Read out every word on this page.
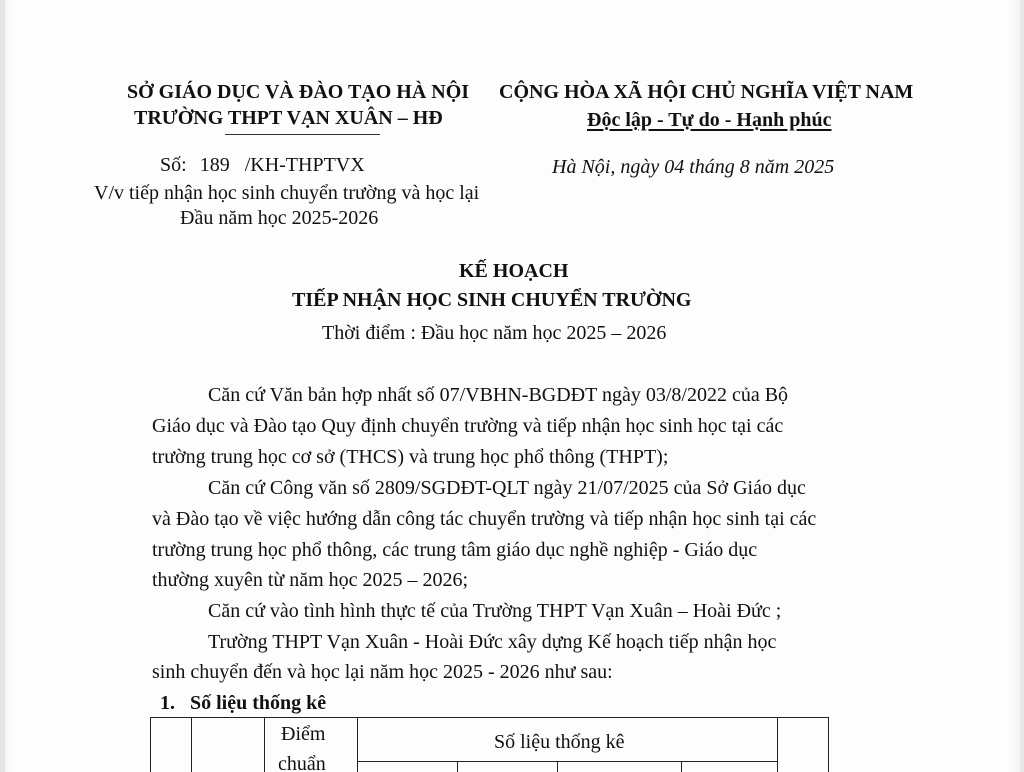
SỞ GIÁO DỤC VÀ ĐÀO TẠO HÀ NỘI
TRƯỜNG THPT VẠN XUÂN – HĐ
Số: 189 /KH-THPTVX
V/v tiếp nhận học sinh chuyển trường và học lại
Đầu năm học 2025-2026
CỘNG HÒA XÃ HỘI CHỦ NGHĨA VIỆT NAM
Độc lập - Tự do - Hạnh phúc
Hà Nội, ngày 04 tháng 8 năm 2025
KẾ HOẠCH
TIẾP NHẬN HỌC SINH CHUYỂN TRƯỜNG
Thời điểm : Đầu học năm học 2025 – 2026
Căn cứ Văn bản hợp nhất số 07/VBHN-BGDĐT ngày 03/8/2022 của Bộ
Giáo dục và Đào tạo Quy định chuyển trường và tiếp nhận học sinh học tại các
trường trung học cơ sở (THCS) và trung học phổ thông (THPT);
Căn cứ Công văn số 2809/SGDĐT-QLT ngày 21/07/2025 của Sở Giáo dục
và Đào tạo về việc hướng dẫn công tác chuyển trường và tiếp nhận học sinh tại các
trường trung học phổ thông, các trung tâm giáo dục nghề nghiệp - Giáo dục
thường xuyên từ năm học 2025 – 2026;
Căn cứ vào tình hình thực tế của Trường THPT Vạn Xuân – Hoài Đức ;
Trường THPT Vạn Xuân - Hoài Đức xây dựng Kế hoạch tiếp nhận học
sinh chuyển đến và học lại năm học 2025 - 2026 như sau:
1. Số liệu thống kê
Điểm
chuẩn
Số liệu thống kê
